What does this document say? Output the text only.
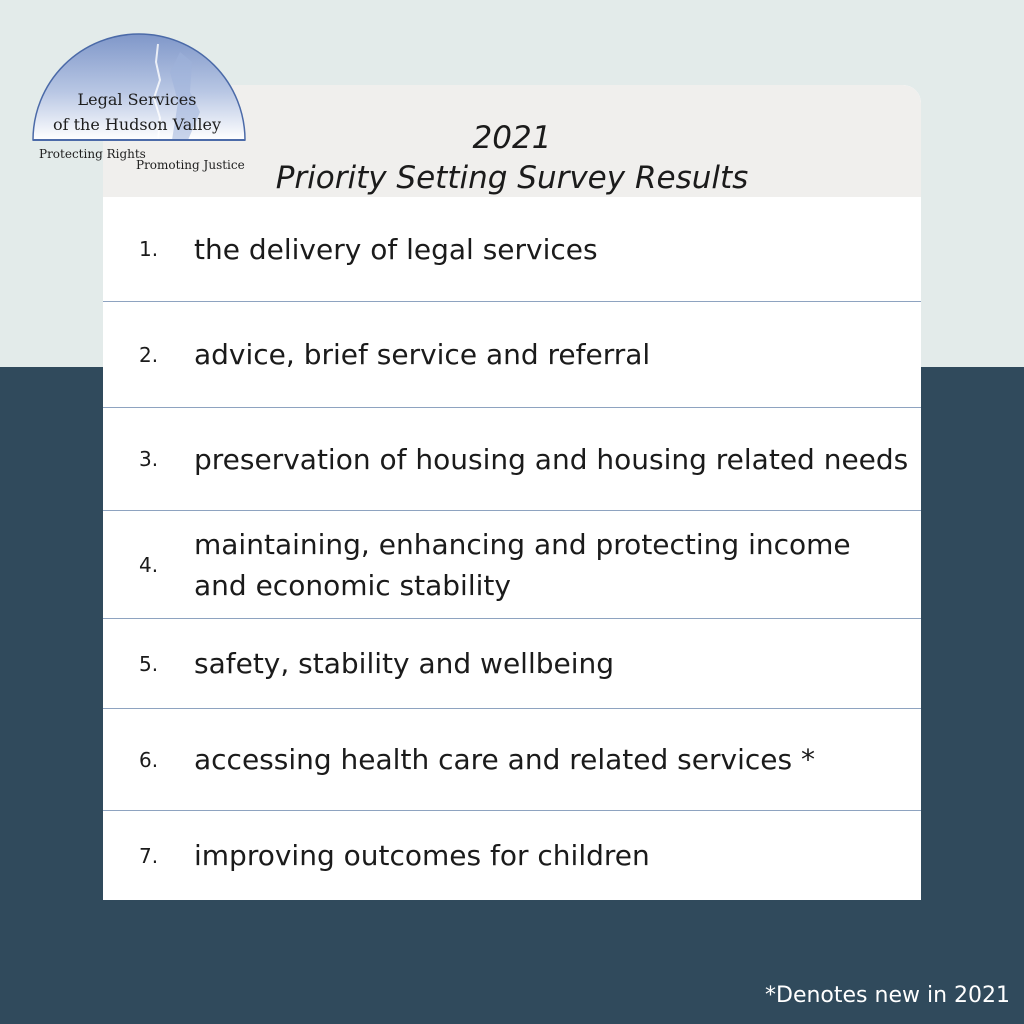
2021
Priority Setting Survey Results
1. the delivery of legal services
2. advice, brief service and referral
3. preservation of housing and housing related needs
4.
maintaining, enhancing and protecting income and economic stability
5. safety, stability and wellbeing
6. accessing health care and related services *
7. improving outcomes for children
Legal Services
of the Hudson Valley
Protecting Rights
Promoting Justice
*Denotes new in 2021
